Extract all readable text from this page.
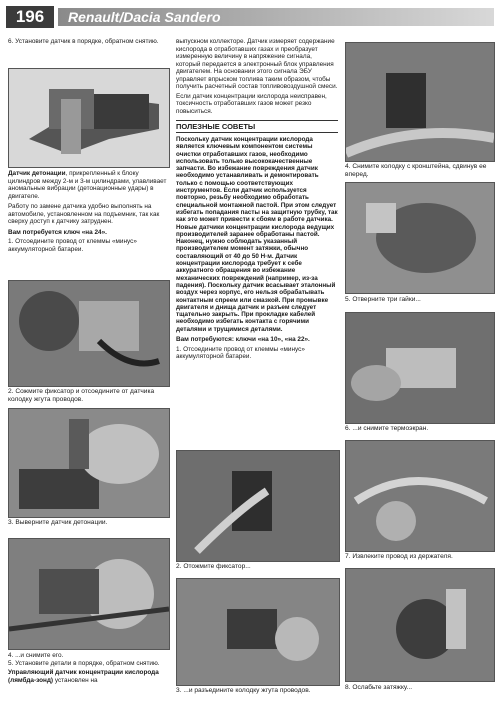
196	Renault/Dacia Sandero

6. Установите датчик в порядке, обратном снятию.

Датчик детонации, прикрепленный к блоку цилиндров между 2-м и 3-м цилиндрами, улавливает аномальные вибрации (детонационные удары) в двигателе.

Работу по замене датчика удобно выполнять на автомобиле, установленном на подъемник, так как сверху доступ к датчику затруднен.

Вам потребуется ключ «на 24».

1. Отсоедините провод от клеммы «минус» аккумуляторной батареи.

2. Сожмите фиксатор и отсоедините от датчика колодку жгута проводов.
3. Выверните датчик детонации.

4. ...и снимите его.

5. Установите детали в порядке, обратном снятию.

Управляющий датчик концентрации кислорода (лямбда-зонд) установлен на

выпускном коллекторе. Датчик измеряет содержание кислорода в отработавших газах и преобразует измеренную величину в напряжение сигнала, который передается в электронный блок управления двигателем. На основании этого сигнала ЭБУ управляет впрыском топлива таким образом, чтобы получить расчетный состав топливовоздушной смеси.

Если датчик концентрации кислорода неисправен, токсичность отработавших газов может резко повыситься.

ПОЛЕЗНЫЕ СОВЕТЫ

Поскольку датчик концентрации кислорода является ключевым компонентом системы очистки отработавших газов, необходимо использовать только высококачественные запчасти. Во избежание повреждения датчик необходимо устанавливать и демонтировать только с помощью соответствующих инструментов. Если датчик используется повторно, резьбу необходимо обработать специальной монтажной пастой. При этом следует избегать попадания пасты на защитную трубку, так как это может привести к сбоям в работе датчика. Новые датчики концентрации кислорода ведущих производителей заранее обработаны пастой. Наконец, нужно соблюдать указанный производителем момент затяжки, обычно составляющий от 40 до 50 Н·м. Датчик концентрации кислорода требует к себе аккуратного обращения во избежание механических повреждений (например, из-за падения). Поскольку датчик всасывает эталонный воздух через корпус, его нельзя обрабатывать контактным спреем или смазкой. При промывке двигателя и днища датчик и разъем следует тщательно закрыть. При прокладке кабелей необходимо избегать контакта с горячими деталями и трущимися деталями.

Вам потребуются: ключи «на 10», «на 22».

1. Отсоедините провод от клеммы «минус» аккумуляторной батареи.

2. Отожмите фиксатор...
3. ...и разъедините колодку жгута проводов.
4. Снимите колодку с кронштейна, сдвинув ее вперед.
5. Отверните три гайки...
6. ...и снимите термоэкран.
7. Извлеките провод из держателя.
8. Ослабьте затяжку...
